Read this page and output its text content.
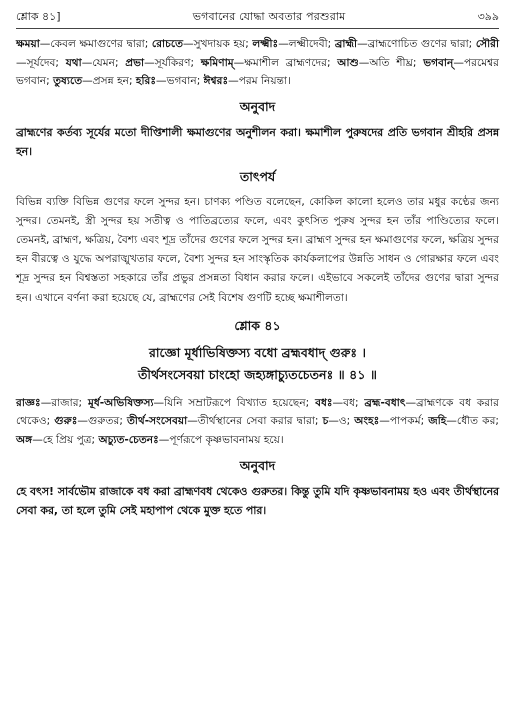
শ্লোক ৪১]	ভগবানের যোদ্ধা অবতার পরশুরাম	৩৯৯

ক্ষময়া—কেবল ক্ষমাগুণের দ্বারা; রোচতে—সুখদায়ক হয়; লক্ষ্মীঃ—লক্ষ্মীদেবী; ব্রাহ্মী—ব্রাহ্মণোচিত গুণের দ্বারা; সৌরী—সূর্যদেব; যথা—যেমন; প্রভা—সূর্যকিরণ; ক্ষমিণাম্—ক্ষমাশীল ব্রাহ্মণদের; আশু—অতি শীঘ্র; ভগবান্—পরমেশ্বর ভগবান; তুষ্যতে—প্রসন্ন হন; হরিঃ—ভগবান; ঈশ্বরঃ—পরম নিয়ন্তা।

অনুবাদ

ব্রাহ্মণের কর্তব্য সূর্যের মতো দীপ্তিশালী ক্ষমাগুণের অনুশীলন করা। ক্ষমাশীল পুরুষদের প্রতি ভগবান শ্রীহরি প্রসন্ন হন।

তাৎপর্য

বিভিন্ন ব্যক্তি বিভিন্ন গুণের ফলে সুন্দর হন। চাণক্য পণ্ডিত বলেছেন, কোকিল কালো হলেও তার মধুর কণ্ঠের জন্য সুন্দর। তেমনই, স্ত্রী সুন্দর হয় সতীত্ব ও পাতিব্রত্যের ফলে, এবং কুৎসিত পুরুষ সুন্দর হন তাঁর পাণ্ডিত্যের ফলে। তেমনই, ব্রাহ্মণ, ক্ষত্রিয়, বৈশ্য এবং শূদ্র তাঁদের গুণের ফলে সুন্দর হন। ব্রাহ্মণ সুন্দর হন ক্ষমাগুণের ফলে, ক্ষত্রিয় সুন্দর হন বীরত্বে ও যুদ্ধে অপরাঙ্মুখতার ফলে, বৈশ্য সুন্দর হন সাংস্কৃতিক কার্যকলাপের উন্নতি সাধন ও গোরক্ষার ফলে এবং শূদ্র সুন্দর হন বিশ্বস্ততা সহকারে তাঁর প্রভুর প্রসন্নতা বিধান করার ফলে। এইভাবে সকলেই তাঁদের গুণের দ্বারা সুন্দর হন। এখানে বর্ণনা করা হয়েছে যে, ব্রাহ্মণের সেই বিশেষ গুণটি হচ্ছে ক্ষমাশীলতা।

শ্লোক ৪১

রাজ্ঞো মূর্ধাভিষিক্তস্য বধো ব্রহ্মবধাদ্ গুরুঃ ।

তীর্থসংসেবয়া চাংহো জহ্যঙ্গাচ্যুতচেতনঃ ॥ ৪১ ॥

রাজ্ঞঃ—রাজার; মূর্ধ-অভিষিক্তস্য—যিনি সম্রাটরূপে বিখ্যাত হয়েছেন; বধঃ—বধ; ব্রহ্ম-বধাৎ—ব্রাহ্মণকে বধ করার থেকেও; গুরুঃ—গুরুতর; তীর্থ-সংসেবয়া—তীর্থস্থানের সেবা করার দ্বারা; চ—ও; অংহঃ—পাপকর্ম; জহি—ধৌত কর; অঙ্গ—হে প্রিয় পুত্র; অচ্যুত-চেতনঃ—পূর্ণরূপে কৃষ্ণভাবনাময় হয়ে।

অনুবাদ

হে বৎস! সার্বভৌম রাজাকে বধ করা ব্রাহ্মণবধ থেকেও গুরুতর। কিন্তু তুমি যদি কৃষ্ণভাবনাময় হও এবং তীর্থস্থানের সেবা কর, তা হলে তুমি সেই মহাপাপ থেকে মুক্ত হতে পার।
